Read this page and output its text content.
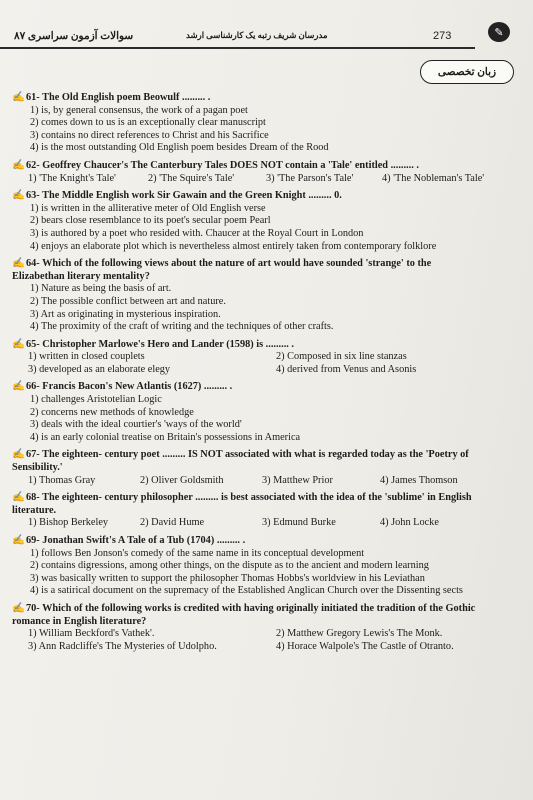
سوالات آزمون سراسری ۸۷	مدرسان شریف رتبه یک کارشناسی ارشد	273	✎
زبان تخصصی
✍61- The Old English poem Beowulf ......... .
1) is, by general consensus, the work of a pagan poet
2) comes down to us is an exceptionally clear manuscript
3) contains no direct references to Christ and his Sacrifice
4) is the most outstanding Old English poem besides Dream of the Rood
✍62- Geoffrey Chaucer's The Canterbury Tales DOES NOT contain a 'Tale' entitled ......... .
1) 'The Knight's Tale'	2) 'The Squire's Tale'	3) 'The Parson's Tale'	4) 'The Nobleman's Tale'
✍63- The Middle English work Sir Gawain and the Green Knight ......... 0.
1) is written in the alliterative meter of Old English verse
2) bears close resemblance to its poet's secular poem Pearl
3) is authored by a poet who resided with. Chaucer at the Royal Court in London
4) enjoys an elaborate plot which is nevertheless almost entirely taken from contemporary folklore
✍64- Which of the following views about the nature of art would have sounded 'strange' to the
Elizabethan literary mentality?
1) Nature as being the basis of art.
2) The possible conflict between art and nature.
3) Art as originating in mysterious inspiration.
4) The proximity of the craft of writing and the techniques of other crafts.
✍65- Christopher Marlowe's Hero and Lander (1598) is ......... .
1) written in closed couplets	2) Composed in six line stanzas
3) developed as an elaborate elegy	4) derived from Venus and Asonis
✍66- Francis Bacon's New Atlantis (1627) ......... .
1) challenges Aristotelian Logic
2) concerns new methods of knowledge
3) deals with the ideal courtier's 'ways of the world'
4) is an early colonial treatise on Britain's possessions in America
✍67- The eighteen- century poet ......... IS NOT associated with what is regarded today as the 'Poetry of
Sensibility.'
1) Thomas Gray	2) Oliver Goldsmith	3) Matthew Prior	4) James Thomson
✍68- The eighteen- century philosopher ......... is best associated with the idea of the 'sublime' in English
literature.
1) Bishop Berkeley	2) David Hume	3) Edmund Burke	4) John Locke
✍69- Jonathan Swift's A Tale of a Tub (1704) ......... .
1) follows Ben Jonson's comedy of the same name in its conceptual development
2) contains digressions, among other things, on the dispute as to the ancient and modern learning
3) was basically written to support the philosopher Thomas Hobbs's worldview in his Leviathan
4) is a satirical document on the supremacy of the Established Anglican Church over the Dissenting sects
✍70- Which of the following works is credited with having originally initiated the tradition of the Gothic
romance in English literature?
1) William Beckford's Vathek'.	2) Matthew Gregory Lewis's The Monk.
3) Ann Radcliffe's The Mysteries of Udolpho.	4) Horace Walpole's The Castle of Otranto.
